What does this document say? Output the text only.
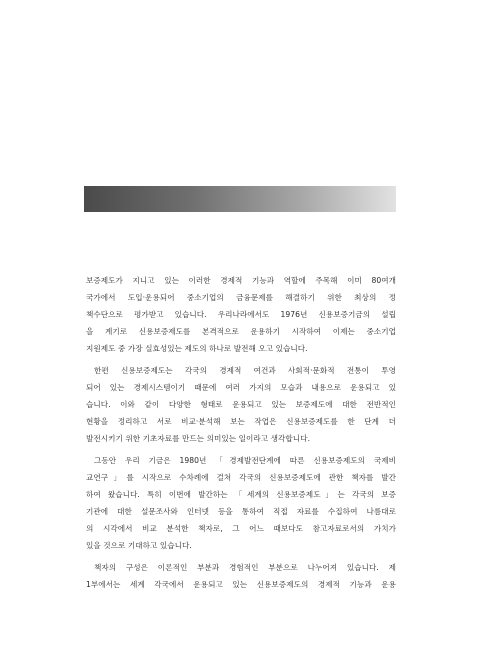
보증제도가 지니고 있는 이러한 경제적 기능과 역할에 주목해 이미 80여개
국가에서 도입·운용되어 중소기업의 금융문제를 해결하기 위한 최상의 정
책수단으로 평가받고 있습니다. 우리나라에서도 1976년 신용보증기금의 설립
을 계기로 신용보증제도를 본격적으로 운용하기 시작하여 이제는 중소기업
지원제도 중 가장 실효성있는 제도의 하나로 발전해 오고 있습니다.
한편 신용보증제도는 각국의 경제적 여건과 사회적·문화적 전통이 투영
되어 있는 경제시스템이기 때문에 여러 가지의 모습과 내용으로 운용되고 있
습니다. 이와 같이 다양한 형태로 운용되고 있는 보증제도에 대한 전반적인
현황을 정리하고 서로 비교·분석해 보는 작업은 신용보증제도를 한 단계 더
발전시키기 위한 기초자료를 만드는 의미있는 일이라고 생각합니다.
그동안 우리 기금은 1980년 「경제발전단계에 따른 신용보증제도의 국제비
교연구」를 시작으로 수차례에 걸쳐 각국의 신용보증제도에 관한 책자를 발간
하여 왔습니다. 특히 이번에 발간하는 「세계의 신용보증제도」는 각국의 보증
기관에 대한 설문조사와 인터넷 등을 통하여 직접 자료를 수집하여 나름대로
의 시각에서 비교 분석한 책자로, 그 어느 때보다도 참고자료로서의 가치가
있을 것으로 기대하고 있습니다.
책자의 구성은 이론적인 부분과 경험적인 부분으로 나누어져 있습니다. 제
1부에서는 세계 각국에서 운용되고 있는 신용보증제도의 경제적 기능과 운용
